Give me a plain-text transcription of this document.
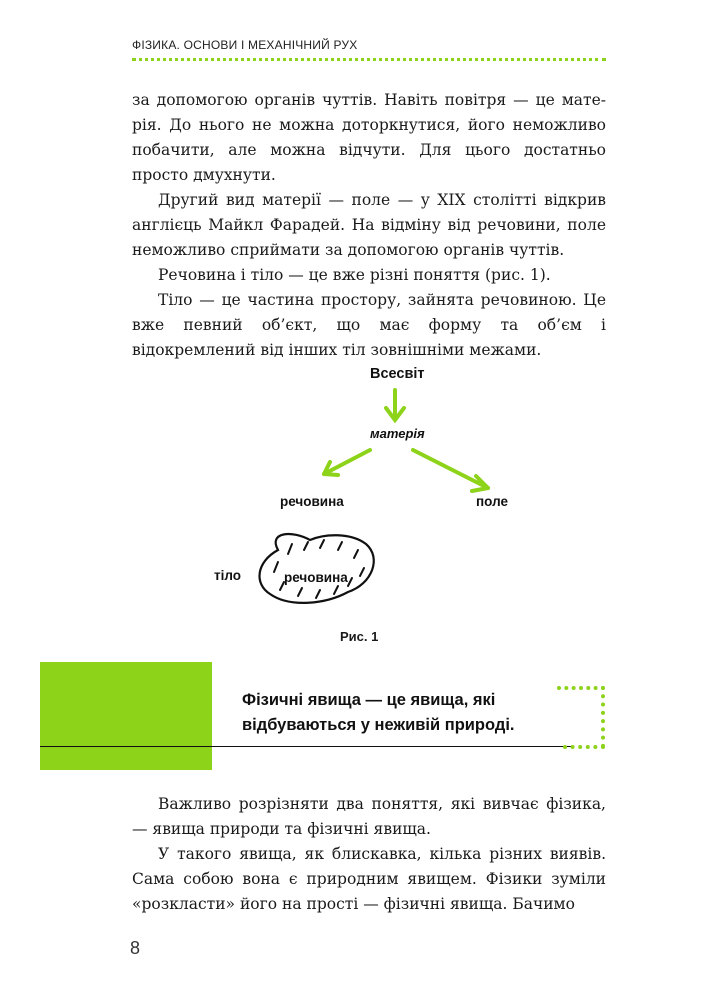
ФІЗИКА. ОСНОВИ І МЕХАНІЧНИЙ РУХ

за допомогою органів чуттів. Навіть повітря — це мате-рія. До нього не можна доторкнутися, його неможливо побачити, але можна відчути. Для цього достатньо просто дмухнути.

Другий вид матерії — поле — у XIX столітті відкрив англієць Майкл Фарадей. На відміну від речовини, поле неможливо сприймати за допомогою органів чуттів.

Речовина і тіло — це вже різні поняття (рис. 1).

Тіло — це частина простору, зайнята речовиною. Це вже певний об’єкт, що має форму та об’єм і відокремлений від інших тіл зовнішніми межами.

Всесвіт
матерія
речовина	поле
тіло	речовина
Рис. 1
Фізичні явища — це явища, які відбуваються у неживій природі.

Важливо розрізняти два поняття, які вивчає фізика, — явища природи та фізичні явища.

У такого явища, як блискавка, кілька різних виявів. Сама собою вона є природним явищем. Фізики зуміли «розкласти» його на прості — фізичні явища. Бачимо

8
